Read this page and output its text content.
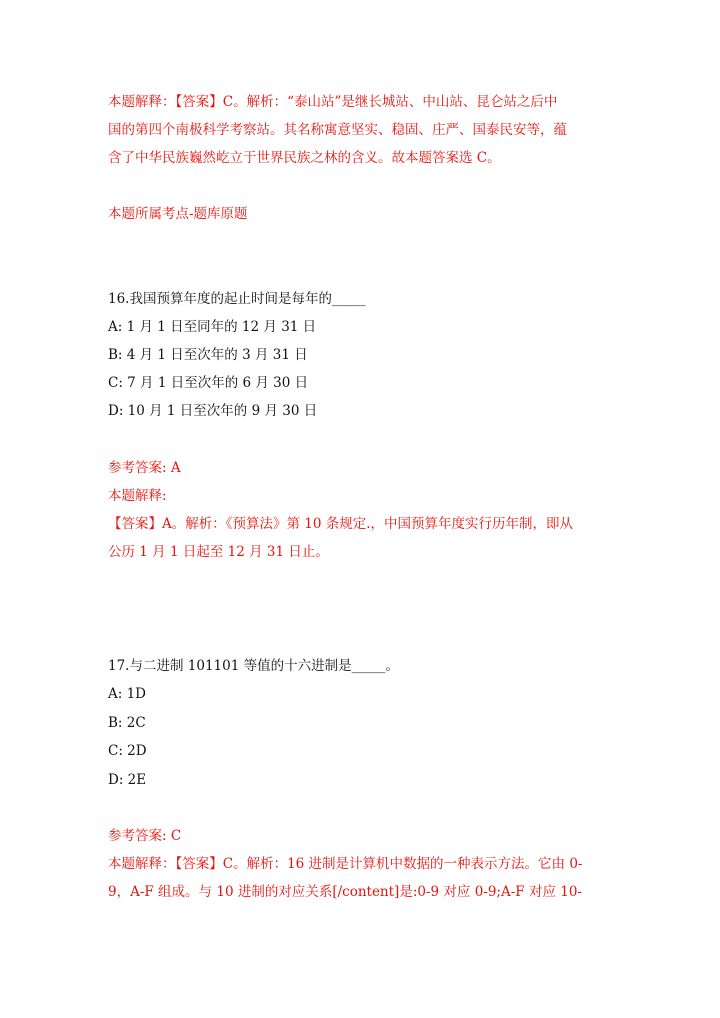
本题解释：【答案】C。解析：“泰山站”是继长城站、中山站、昆仑站之后中
国的第四个南极科学考察站。其名称寓意坚实、稳固、庄严、国泰民安等，蕴
含了中华民族巍然屹立于世界民族之林的含义。故本题答案选 C。
本题所属考点-题库原题
16.我国预算年度的起止时间是每年的_____
A: 1 月 1 日至同年的 12 月 31 日
B: 4 月 1 日至次年的 3 月 31 日
C: 7 月 1 日至次年的 6 月 30 日
D: 10 月 1 日至次年的 9 月 30 日
参考答案: A
本题解释:
【答案】A。解析：《预算法》第 10 条规定.，中国预算年度实行历年制，即从
公历 1 月 1 日起至 12 月 31 日止。
17.与二进制 101101 等值的十六进制是_____。
A: 1D
B: 2C
C: 2D
D: 2E
参考答案: C
本题解释：【答案】C。解析：16 进制是计算机中数据的一种表示方法。它由 0-
9，A-F 组成。与 10 进制的对应关系[/content]是:0-9 对应 0-9;A-F 对应 10-
